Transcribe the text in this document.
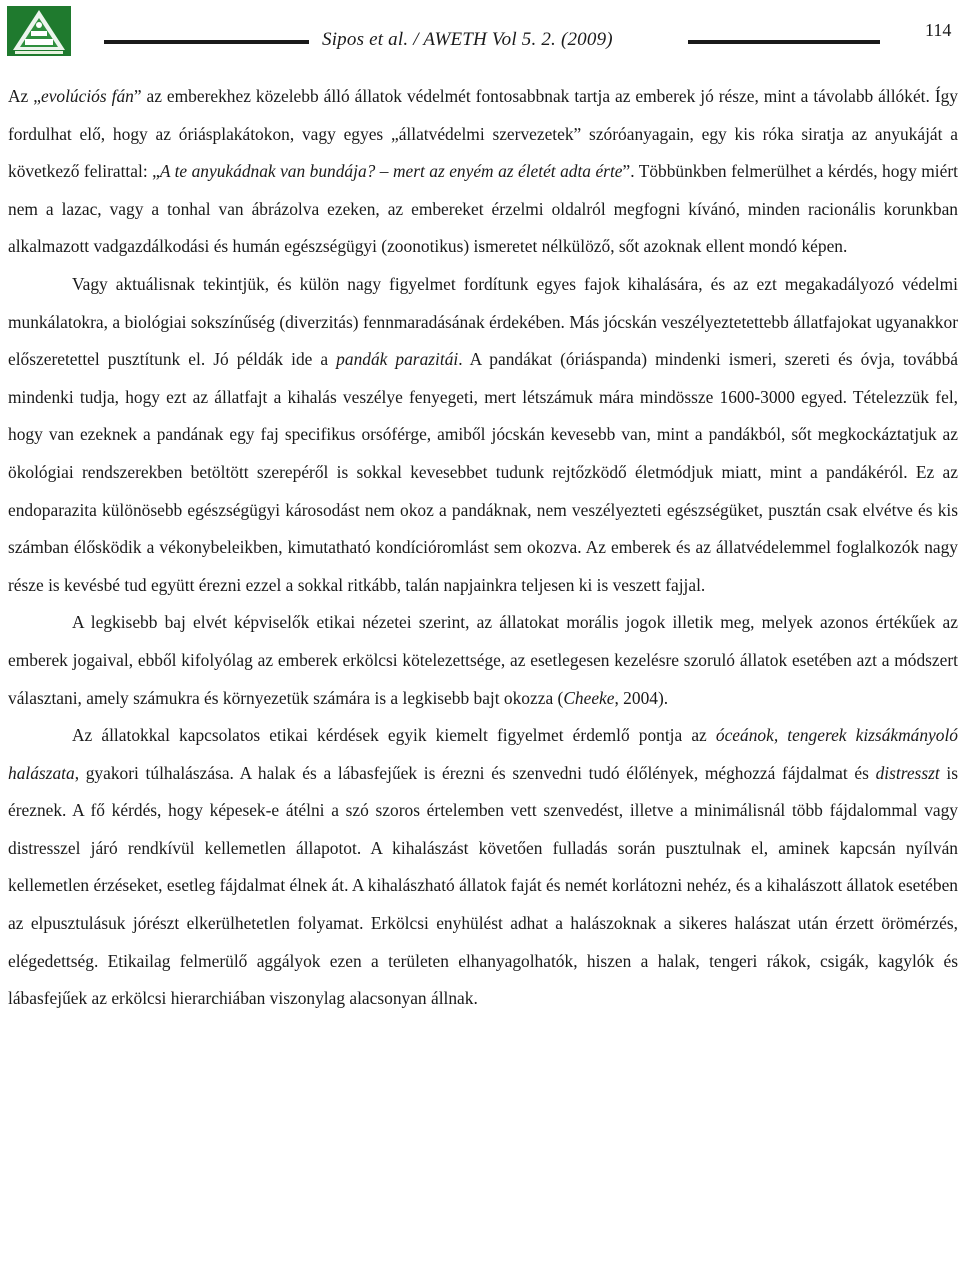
Sipos et al. / AWETH Vol 5. 2. (2009)	114

Az „evolúciós fán” az emberekhez közelebb álló állatok védelmét fontosabbnak tartja az emberek jó része, mint a távolabb állókét. Így fordulhat elő, hogy az óriásplakátokon, vagy egyes „állatvédelmi szervezetek” szóróanyagain, egy kis róka siratja az anyukáját a következő felirattal: „A te anyukádnak van bundája? – mert az enyém az életét adta érte”. Többünkben felmerülhet a kérdés, hogy miért nem a lazac, vagy a tonhal van ábrázolva ezeken, az embereket érzelmi oldalról megfogni kívánó, minden racionális korunkban alkalmazott vadgazdálkodási és humán egészségügyi (zoonotikus) ismeretet nélkülöző, sőt azoknak ellent mondó képen.

Vagy aktuálisnak tekintjük, és külön nagy figyelmet fordítunk egyes fajok kihalására, és az ezt megakadályozó védelmi munkálatokra, a biológiai sokszínűség (diverzitás) fennmaradásának érdekében. Más jócskán veszélyeztetettebb állatfajokat ugyanakkor előszeretettel pusztítunk el. Jó példák ide a pandák parazitái. A pandákat (óriáspanda) mindenki ismeri, szereti és óvja, továbbá mindenki tudja, hogy ezt az állatfajt a kihalás veszélye fenyegeti, mert létszámuk mára mindössze 1600-3000 egyed. Tételezzük fel, hogy van ezeknek a pandának egy faj specifikus orsóférge, amiből jócskán kevesebb van, mint a pandákból, sőt megkockáztatjuk az ökológiai rendszerekben betöltött szerepéről is sokkal kevesebbet tudunk rejtőzködő életmódjuk miatt, mint a pandákéról. Ez az endoparazita különösebb egészségügyi károsodást nem okoz a pandáknak, nem veszélyezteti egészségüket, pusztán csak elvétve és kis számban élősködik a vékonybeleikben, kimutatható kondícióromlást sem okozva. Az emberek és az állatvédelemmel foglalkozók nagy része is kevésbé tud együtt érezni ezzel a sokkal ritkább, talán napjainkra teljesen ki is veszett fajjal.

A legkisebb baj elvét képviselők etikai nézetei szerint, az állatokat morális jogok illetik meg, melyek azonos értékűek az emberek jogaival, ebből kifolyólag az emberek erkölcsi kötelezettsége, az esetlegesen kezelésre szoruló állatok esetében azt a módszert választani, amely számukra és környezetük számára is a legkisebb bajt okozza (Cheeke, 2004).

Az állatokkal kapcsolatos etikai kérdések egyik kiemelt figyelmet érdemlő pontja az óceánok, tengerek kizsákmányoló halászata, gyakori túlhalászása. A halak és a lábasfejűek is érezni és szenvedni tudó élőlények, méghozzá fájdalmat és distresszt is éreznek. A fő kérdés, hogy képesek-e átélni a szó szoros értelemben vett szenvedést, illetve a minimálisnál több fájdalommal vagy distresszel járó rendkívül kellemetlen állapotot. A kihalászást követően fulladás során pusztulnak el, aminek kapcsán nyílván kellemetlen érzéseket, esetleg fájdalmat élnek át. A kihalászható állatok faját és nemét korlátozni nehéz, és a kihalászott állatok esetében az elpusztulásuk jórészt elkerülhetetlen folyamat. Erkölcsi enyhülést adhat a halászoknak a sikeres halászat után érzett örömérzés, elégedettség. Etikailag felmerülő aggályok ezen a területen elhanyagolhatók, hiszen a halak, tengeri rákok, csigák, kagylók és lábasfejűek az erkölcsi hierarchiában viszonylag alacsonyan állnak.
